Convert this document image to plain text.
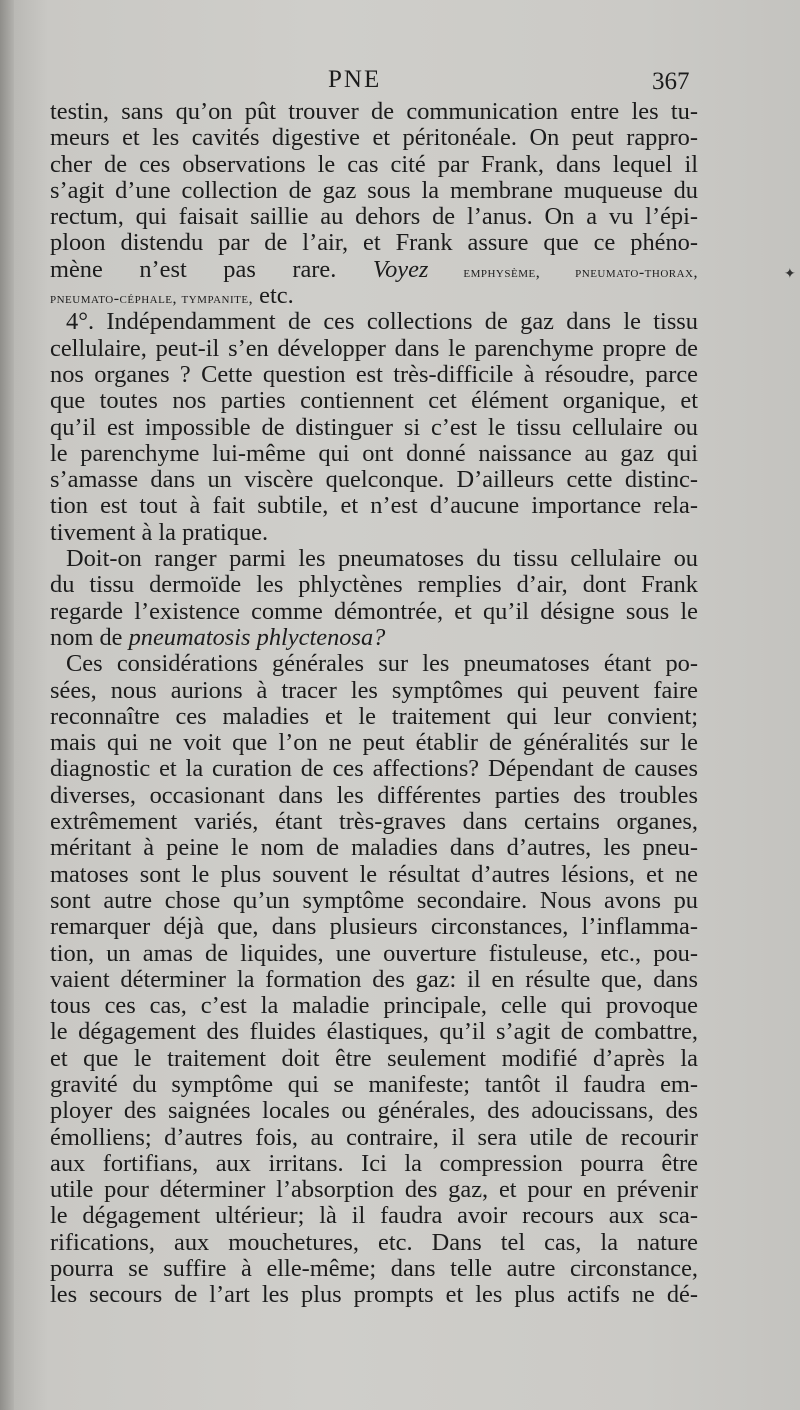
PNE	367
testin, sans qu’on pût trouver de communication entre les tu-
meurs et les cavités digestive et péritonéale. On peut rappro-
cher de ces observations le cas cité par Frank, dans lequel il
s’agit d’une collection de gaz sous la membrane muqueuse du
rectum, qui faisait saillie au dehors de l’anus. On a vu l’épi-
ploon distendu par de l’air, et Frank assure que ce phéno-
mène n’est pas rare. Voyez emphysème, pneumato-thorax,
pneumato-céphale, tympanite, etc.
4°. Indépendamment de ces collections de gaz dans le tissu
cellulaire, peut-il s’en développer dans le parenchyme propre de
nos organes ? Cette question est très-difficile à résoudre, parce
que toutes nos parties contiennent cet élément organique, et
qu’il est impossible de distinguer si c’est le tissu cellulaire ou
le parenchyme lui-même qui ont donné naissance au gaz qui
s’amasse dans un viscère quelconque. D’ailleurs cette distinc-
tion est tout à fait subtile, et n’est d’aucune importance rela-
tivement à la pratique.
Doit-on ranger parmi les pneumatoses du tissu cellulaire ou
du tissu dermoïde les phlyctènes remplies d’air, dont Frank
regarde l’existence comme démontrée, et qu’il désigne sous le
nom de pneumatosis phlyctenosa?
Ces considérations générales sur les pneumatoses étant po-
sées, nous aurions à tracer les symptômes qui peuvent faire
reconnaître ces maladies et le traitement qui leur convient;
mais qui ne voit que l’on ne peut établir de généralités sur le
diagnostic et la curation de ces affections? Dépendant de causes
diverses, occasionant dans les différentes parties des troubles
extrêmement variés, étant très-graves dans certains organes,
méritant à peine le nom de maladies dans d’autres, les pneu-
matoses sont le plus souvent le résultat d’autres lésions, et ne
sont autre chose qu’un symptôme secondaire. Nous avons pu
remarquer déjà que, dans plusieurs circonstances, l’inflamma-
tion, un amas de liquides, une ouverture fistuleuse, etc., pou-
vaient déterminer la formation des gaz: il en résulte que, dans
tous ces cas, c’est la maladie principale, celle qui provoque
le dégagement des fluides élastiques, qu’il s’agit de combattre,
et que le traitement doit être seulement modifié d’après la
gravité du symptôme qui se manifeste; tantôt il faudra em-
ployer des saignées locales ou générales, des adoucissans, des
émolliens; d’autres fois, au contraire, il sera utile de recourir
aux fortifians, aux irritans. Ici la compression pourra être
utile pour déterminer l’absorption des gaz, et pour en prévenir
le dégagement ultérieur; là il faudra avoir recours aux sca-
rifications, aux mouchetures, etc. Dans tel cas, la nature
pourra se suffire à elle-même; dans telle autre circonstance,
les secours de l’art les plus prompts et les plus actifs ne dé-
✦
